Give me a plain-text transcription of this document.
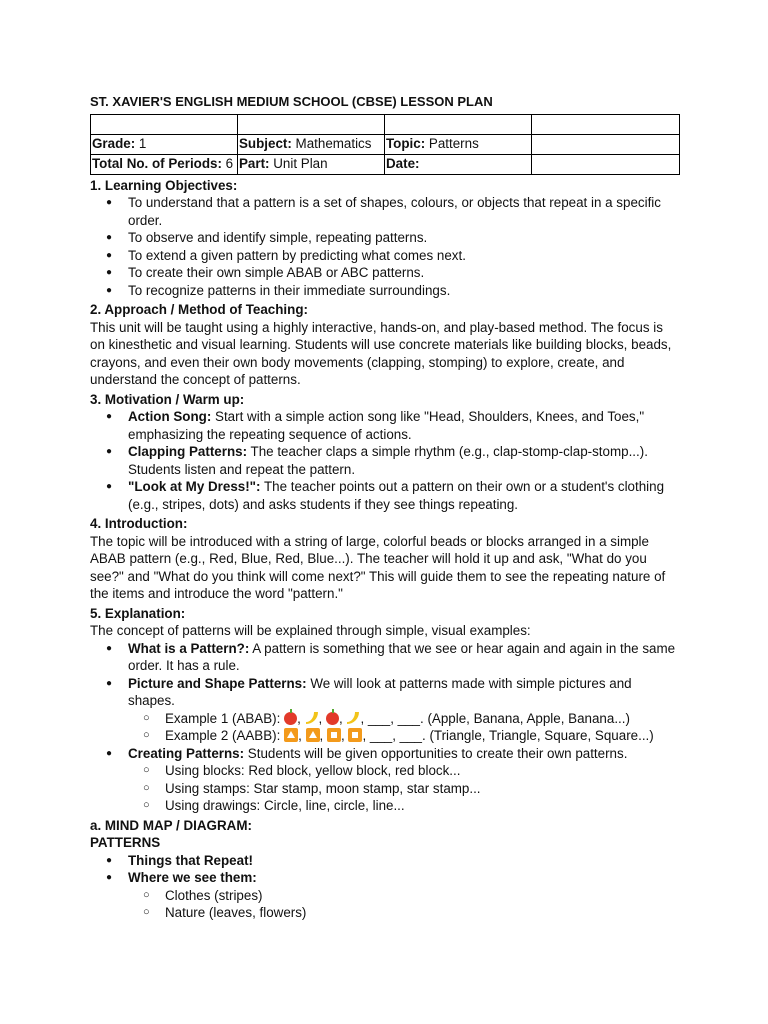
ST. XAVIER'S ENGLISH MEDIUM SCHOOL (CBSE) LESSON PLAN

Grade: 1	Subject: Mathematics	Topic: Patterns	
Total No. of Periods: 6	Part: Unit Plan	Date:	
1. Learning Objectives:
● To understand that a pattern is a set of shapes, colours, or objects that repeat in a specific order.
● To observe and identify simple, repeating patterns.
● To extend a given pattern by predicting what comes next.
● To create their own simple ABAB or ABC patterns.
● To recognize patterns in their immediate surroundings.
2. Approach / Method of Teaching:

This unit will be taught using a highly interactive, hands-on, and play-based method. The focus is on kinesthetic and visual learning. Students will use concrete materials like building blocks, beads, crayons, and even their own body movements (clapping, stomping) to explore, create, and understand the concept of patterns.

3. Motivation / Warm up:
● Action Song: Start with a simple action song like "Head, Shoulders, Knees, and Toes," emphasizing the repeating sequence of actions.
● Clapping Patterns: The teacher claps a simple rhythm (e.g., clap-stomp-clap-stomp...). Students listen and repeat the pattern.
● "Look at My Dress!": The teacher points out a pattern on their own or a student's clothing (e.g., stripes, dots) and asks students if they see things repeating.
4. Introduction:

The topic will be introduced with a string of large, colorful beads or blocks arranged in a simple ABAB pattern (e.g., Red, Blue, Red, Blue...). The teacher will hold it up and ask, "What do you see?" and "What do you think will come next?" This will guide them to see the repeating nature of the items and introduce the word "pattern."

5. Explanation:

The concept of patterns will be explained through simple, visual examples:

● What is a Pattern?: A pattern is something that we see or hear again and again in the same order. It has a rule.
● Picture and Shape Patterns: We will look at patterns made with simple pictures and shapes.
○ Example 1 (ABAB): , , , , ___, ___. (Apple, Banana, Apple, Banana...)
○ Example 2 (AABB): , , , , ___, ___. (Triangle, Triangle, Square, Square...)
● Creating Patterns: Students will be given opportunities to create their own patterns.
○ Using blocks: Red block, yellow block, red block...
○ Using stamps: Star stamp, moon stamp, star stamp...
○ Using drawings: Circle, line, circle, line...
a. MIND MAP / DIAGRAM:
PATTERNS
● Things that Repeat!
● Where we see them:
○ Clothes (stripes)
○ Nature (leaves, flowers)
